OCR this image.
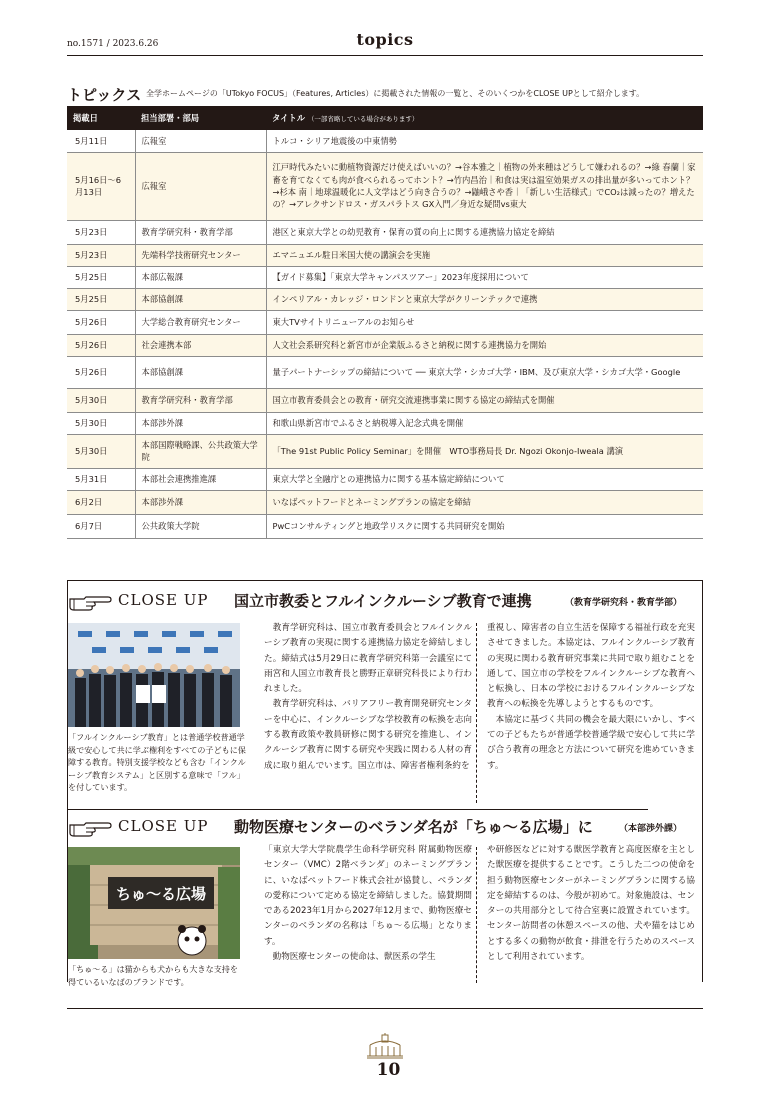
no.1571 / 2023.6.26	topics
トピックス 全学ホームページの「UTokyo FOCUS」（Features, Articles）に掲載された情報の一覧と、そのいくつかをCLOSE UPとして紹介します。
掲載日	担当部署・部局	タイトル （一部省略している場合があります）
5月11日	広報室	トルコ・シリア地震後の中東情勢
5月16日～6月13日	広報室	江戸時代みたいに動植物資源だけ使えばいいの？→谷本雅之｜植物の外来種はどうして嫌われるの？→綠 春蘭｜家畜を育てなくても肉が食べられるってホント？→竹内昌治｜和食は実は温室効果ガスの排出量が多いってホント？→杉本 南｜地球温暖化に人文学はどう向き合うの？→鼬峨さや香｜「新しい生活様式」でCO₂は減ったの？増えたの？→アレクサンドロス・ガスパラトス GX入門／身近な疑問vs東大
5月23日	教育学研究科・教育学部	港区と東京大学との幼児教育・保育の質の向上に関する連携協力協定を締結
5月23日	先端科学技術研究センター	エマニュエル駐日米国大使の講演会を実施
5月25日	本部広報課	【ガイド募集】「東京大学キャンパスツアー」2023年度採用について
5月25日	本部協創課	インペリアル・カレッジ・ロンドンと東京大学がクリーンテックで連携
5月26日	大学総合教育研究センター	東大TVサイトリニューアルのお知らせ
5月26日	社会連携本部	人文社会系研究科と新宮市が企業版ふるさと納税に関する連携協力を開始
5月26日	本部協創課	量子パートナーシップの締結について ── 東京大学・シカゴ大学・IBM、及び東京大学・シカゴ大学・Google
5月30日	教育学研究科・教育学部	国立市教育委員会との教育・研究交流連携事業に関する協定の締結式を開催
5月30日	本部渉外課	和歌山県新宮市でふるさと納税導入記念式典を開催
5月30日	本部国際戦略課、公共政策大学院	「The 91st Public Policy Seminar」を開催　WTO事務局長 Dr. Ngozi Okonjo-Iweala 講演
5月31日	本部社会連携推進課	東京大学と全融庁との連携協力に関する基本協定締結について
6月2日	本部渉外課	いなばペットフードとネーミングプランの協定を締結
6月7日	公共政策大学院	PwCコンサルティングと地政学リスクに関する共同研究を開始
CLOSE UP 国立市教委とフルインクルーシブ教育で連携	（教育学研究科・教育学部）
「フルインクルーシブ教育」とは普通学校普通学級で安心して共に学ぶ権利をすべての子どもに保障する教育。特別支援学校なども含む「インクルーシブ教育システム」と区別する意味で「フル」を付しています。
　教育学研究科は、国立市教育委員会とフルインクルーシブ教育の実現に関する連携協力協定を締結しました。締結式は5月29日に教育学研究科第一会議室にて雨宮和人国立市教育長と勝野正章研究科長により行われました。
　教育学研究科は、バリアフリー教育開発研究センターを中心に、インクルーシブな学校教育の転換を志向する教育政策や教員研修に関する研究を推進し、インクルーシブ教育に関する研究や実践に関わる人材の育成に取り組んでいます。国立市は、障害者権利条約を
重視し、障害者の自立生活を保障する福祉行政を充実させてきました。本協定は、フルインクルーシブ教育の実現に関わる教育研究事業に共同で取り組むことを通して、国立市の学校をフルインクルーシブな教育へと転換し、日本の学校におけるフルインクルーシブな教育への転換を先導しようとするものです。
　本協定に基づく共同の機会を最大限にいかし、すべての子どもたちが普通学校普通学級で安心して共に学び合う教育の理念と方法について研究を進めていきます。
CLOSE UP 動物医療センターのベランダ名が「ちゅ～る広場」に	（本部渉外課）
ちゅ～る広場
「ちゅ～る」は猫からも犬からも大きな支持を得ているいなばのブランドです。
「東京大学大学院農学生命科学研究科 附属動物医療センター（VMC）2階ベランダ」のネーミングプランに、いなばペットフード株式会社が協賛し、ベランダの愛称について定める協定を締結しました。協賛期間である2023年1月から2027年12月まで、動物医療センターのベランダの名称は「ちゅ～る広場」となります。
　動物医療センターの使命は、獣医系の学生
や研修医などに対する獣医学教育と高度医療を主とした獣医療を提供することです。こうした二つの使命を担う動物医療センターがネーミングプランに関する協定を締結するのは、今般が初めて。対象施設は、センターの共用部分として待合室裏に設置されています。センター訪問者の休憩スペースの他、犬や猫をはじめとする多くの動物が飲食・排泄を行うためのスペースとして利用されています。
10
